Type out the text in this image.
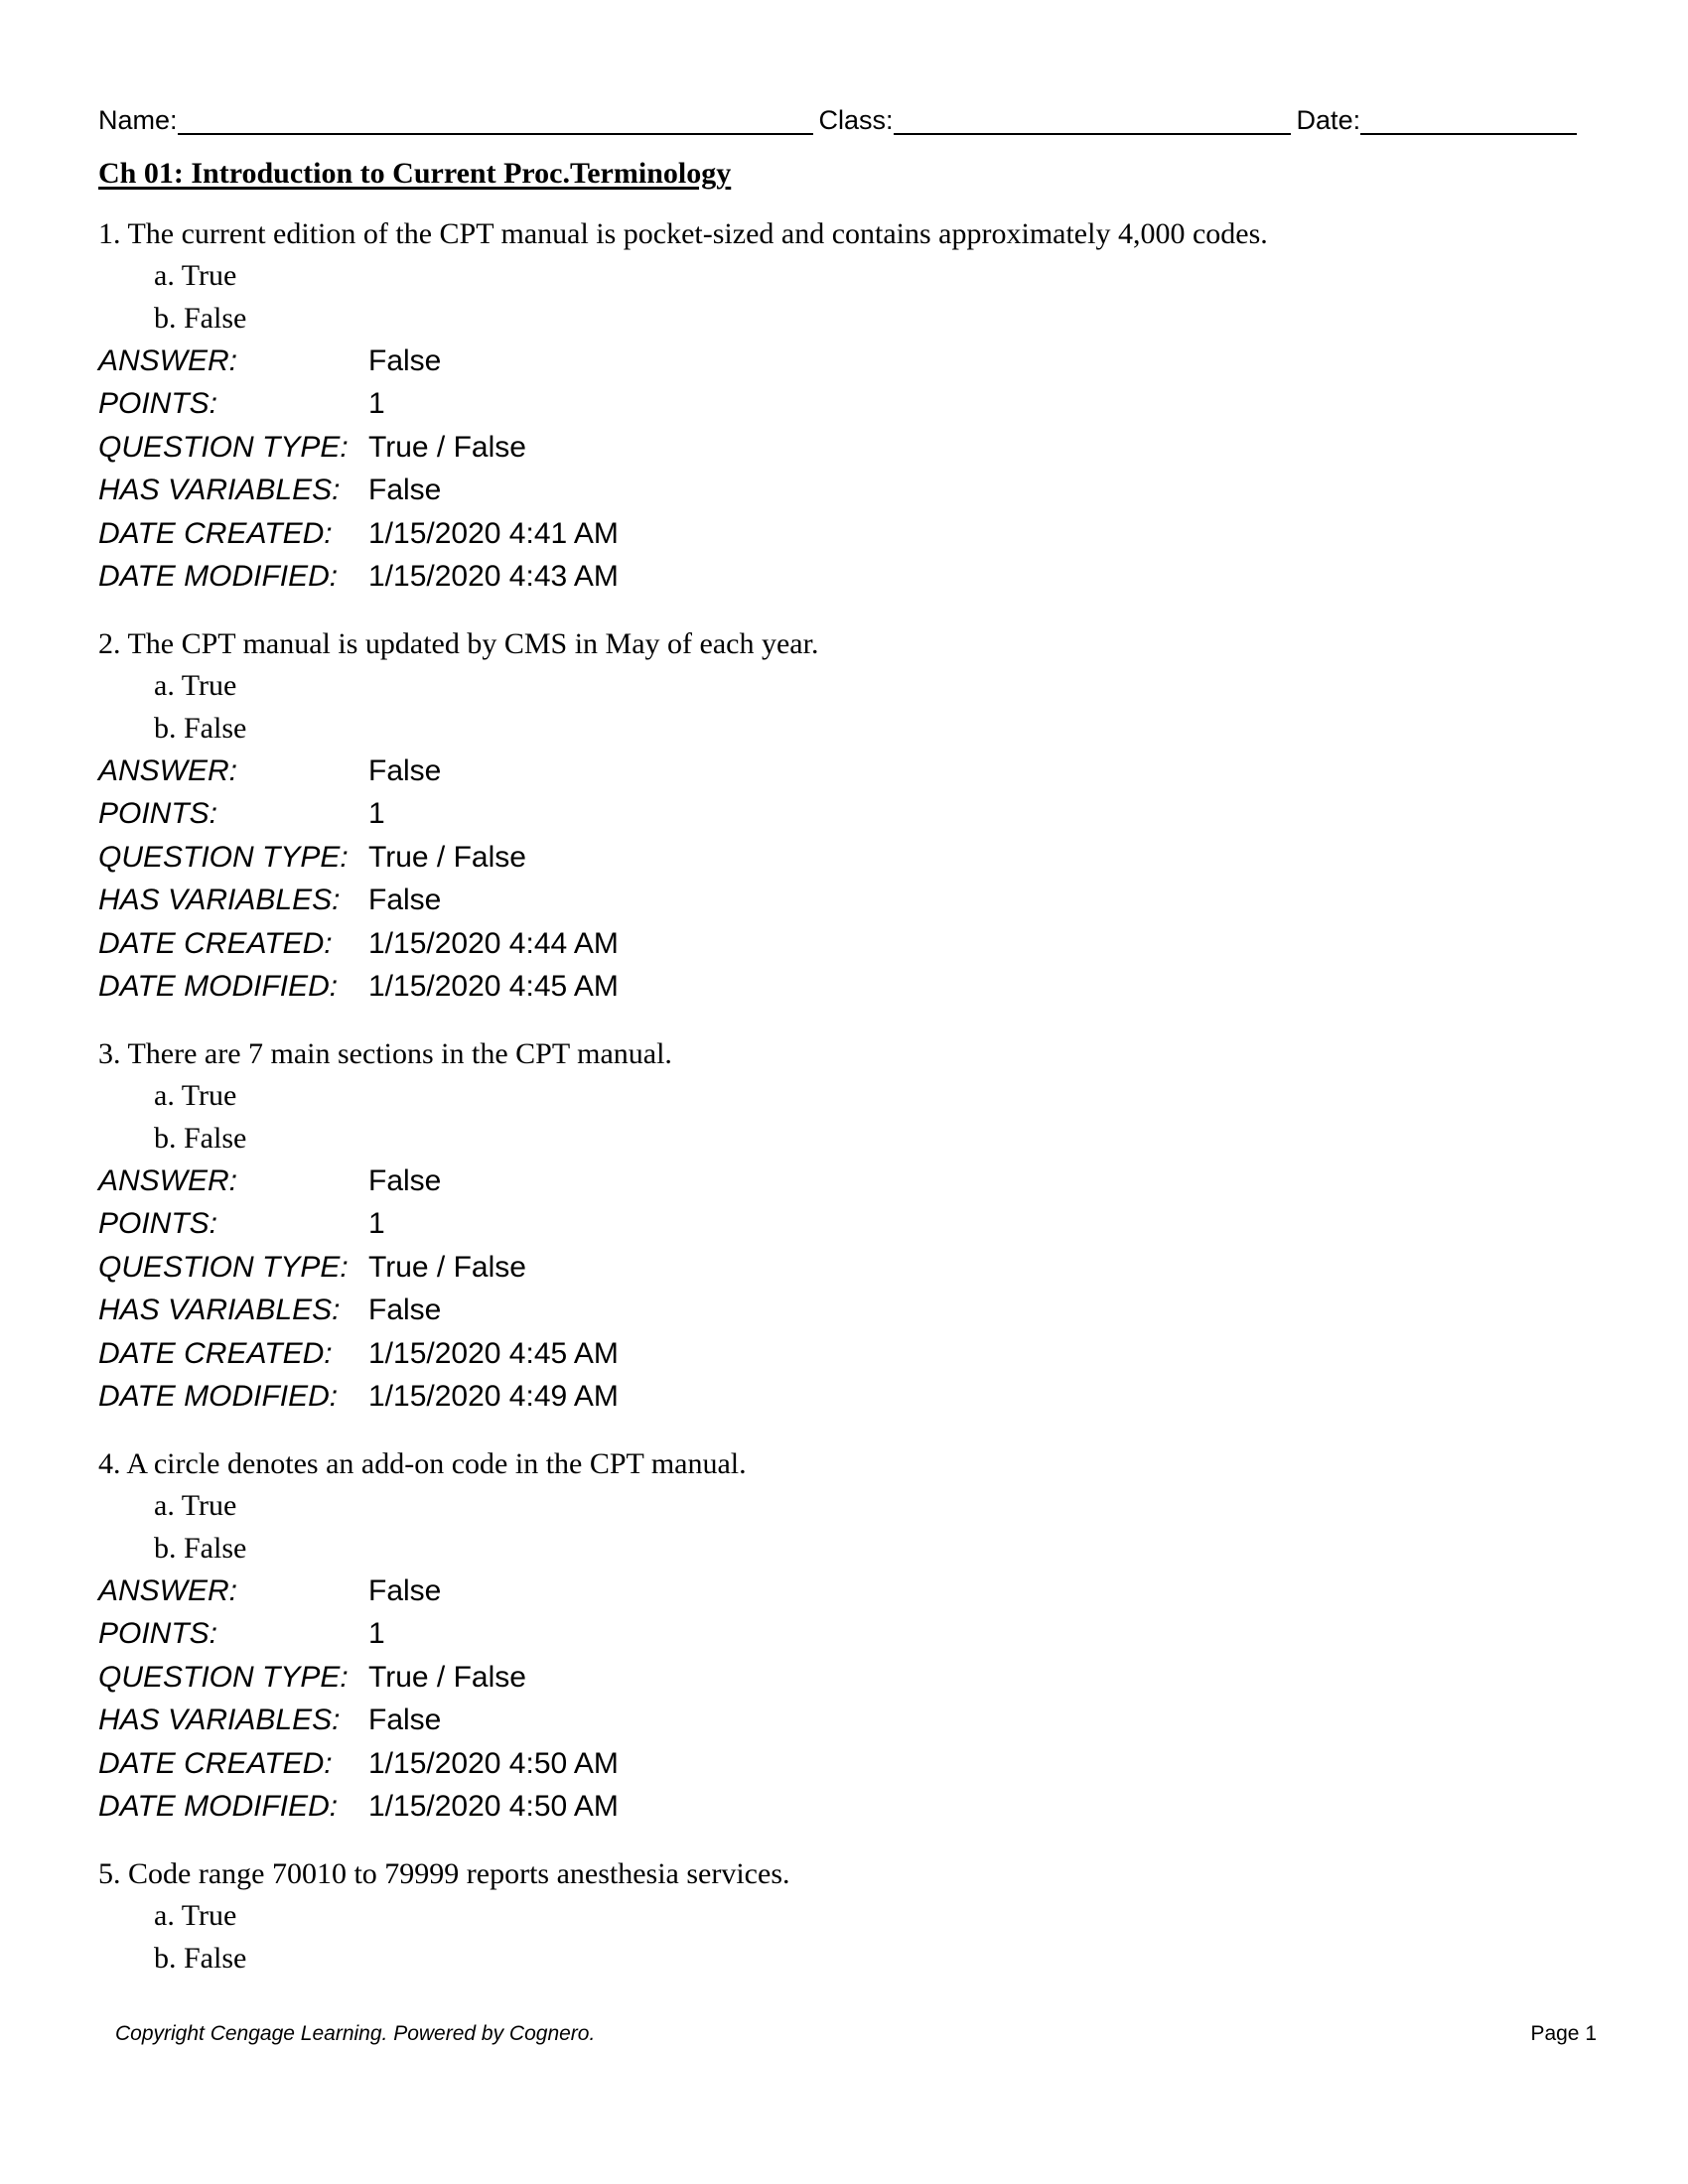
Name:	Class:	Date:
Ch 01: Introduction to Current Proc.Terminology
1. The current edition of the CPT manual is pocket-sized and contains approximately 4,000 codes.
a. True
b. False
ANSWER:	False
POINTS:	1
QUESTION TYPE: True / False
HAS VARIABLES: False
DATE CREATED:	1/15/2020 4:41 AM
DATE MODIFIED:	1/15/2020 4:43 AM
2. The CPT manual is updated by CMS in May of each year.
a. True
b. False
ANSWER:	False
POINTS:	1
QUESTION TYPE: True / False
HAS VARIABLES: False
DATE CREATED:	1/15/2020 4:44 AM
DATE MODIFIED:	1/15/2020 4:45 AM
3. There are 7 main sections in the CPT manual.
a. True
b. False
ANSWER:	False
POINTS:	1
QUESTION TYPE: True / False
HAS VARIABLES: False
DATE CREATED:	1/15/2020 4:45 AM
DATE MODIFIED:	1/15/2020 4:49 AM
4. A circle denotes an add-on code in the CPT manual.
a. True
b. False
ANSWER:	False
POINTS:	1
QUESTION TYPE: True / False
HAS VARIABLES: False
DATE CREATED:	1/15/2020 4:50 AM
DATE MODIFIED:	1/15/2020 4:50 AM
5. Code range 70010 to 79999 reports anesthesia services.
a. True
b. False
Copyright Cengage Learning. Powered by Cognero.	Page 1
